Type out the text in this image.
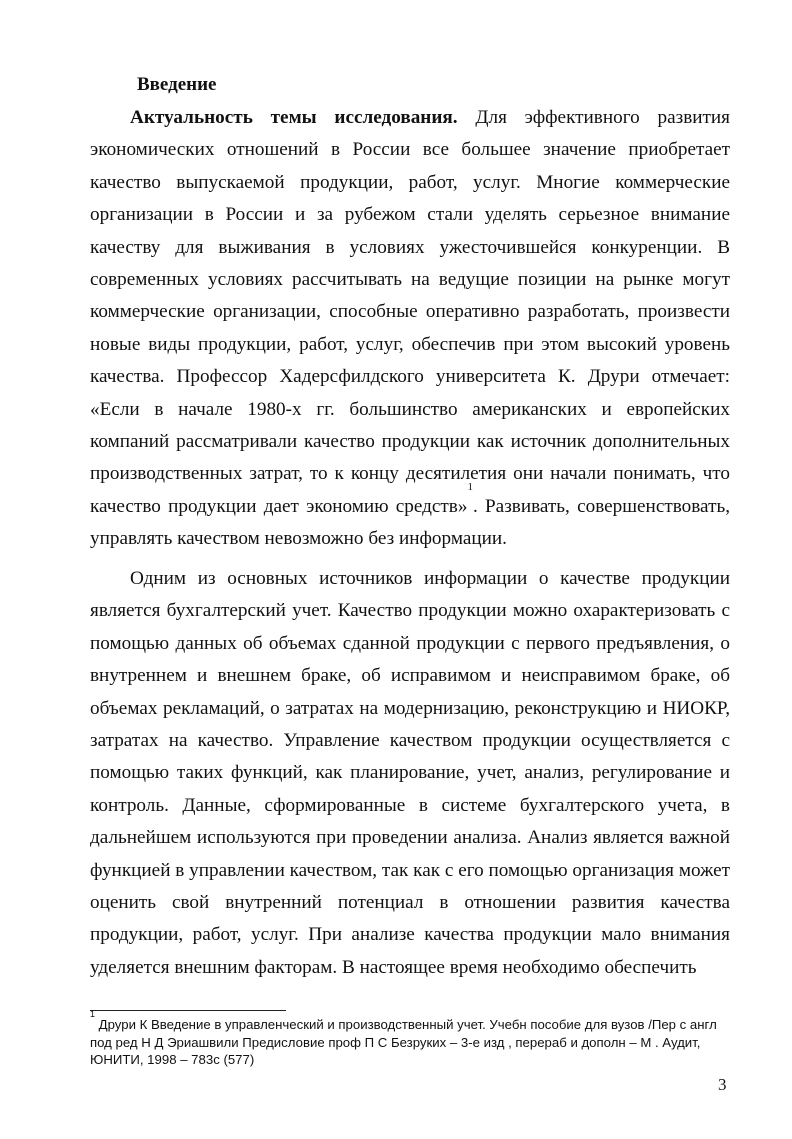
Введение

Актуальность темы исследования. Для эффективного развития экономических отношений в России все большее значение приобретает качество выпускаемой продукции, работ, услуг. Многие коммерческие организации в России и за рубежом стали уделять серьезное внимание качеству для выживания в условиях ужесточившейся конкуренции. В современных условиях рассчитывать на ведущие позиции на рынке могут коммерческие организации, способные оперативно разработать, произвести новые виды продукции, работ, услуг, обеспечив при этом высокий уровень качества. Профессор Хадерсфилдского университета К. Друри отмечает: «Если в начале 1980-х гг. большинство американских и европейских компаний рассматривали качество продукции как источник дополнительных производственных затрат, то к концу десятилетия они начали понимать, что качество продукции дает экономию средств»$^1$. Развивать, совершенствовать, управлять качеством невозможно без информации.

Одним из основных источников информации о качестве продукции является бухгалтерский учет. Качество продукции можно охарактеризовать с помощью данных об объемах сданной продукции с первого предъявления, о внутреннем и внешнем браке, об исправимом и неисправимом браке, об объемах рекламаций, о затратах на модернизацию, реконструкцию и НИОКР, затратах на качество. Управление качеством продукции осуществляется с помощью таких функций, как планирование, учет, анализ, регулирование и контроль. Данные, сформированные в системе бухгалтерского учета, в дальнейшем используются при проведении анализа. Анализ является важной функцией в управлении качеством, так как с его помощью организация может оценить свой внутренний потенциал в отношении развития качества продукции, работ, услуг. При анализе качества продукции мало внимания уделяется внешним факторам. В настоящее время необходимо обеспечить

$^1$ Друри К Введение в управленческий и производственный учет. Учебн пособие для вузов /Пер с англ под ред Н Д Эриашвили Предисловие проф П С Безруких – 3-е изд , перераб и дополн – М . Аудит, ЮНИТИ, 1998 – 783с (577)

3
